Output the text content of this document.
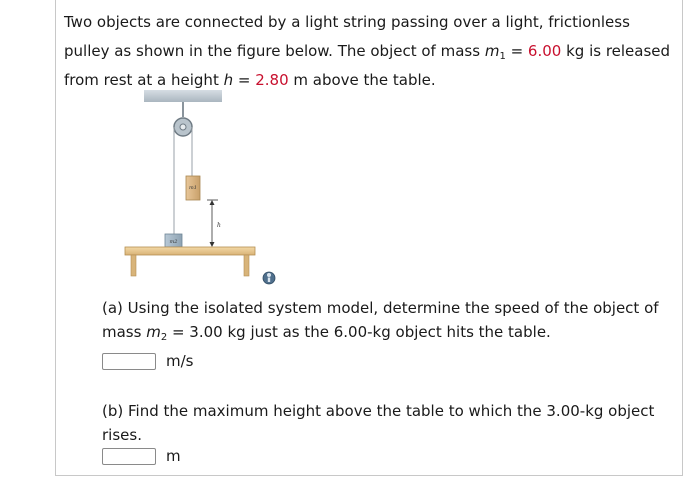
Two objects are connected by a light string passing over a light, frictionless pulley as shown in the figure below. The object of mass $m_1 = 6.00$ kg is released from rest at a height h = 2.80 m above the table.
m1
h
m2
(a) Using the isolated system model, determine the speed of the object of mass $m_2 = 3.00$ kg just as the 6.00-kg object hits the table.
m/s
(b) Find the maximum height above the table to which the 3.00-kg object rises.
m
